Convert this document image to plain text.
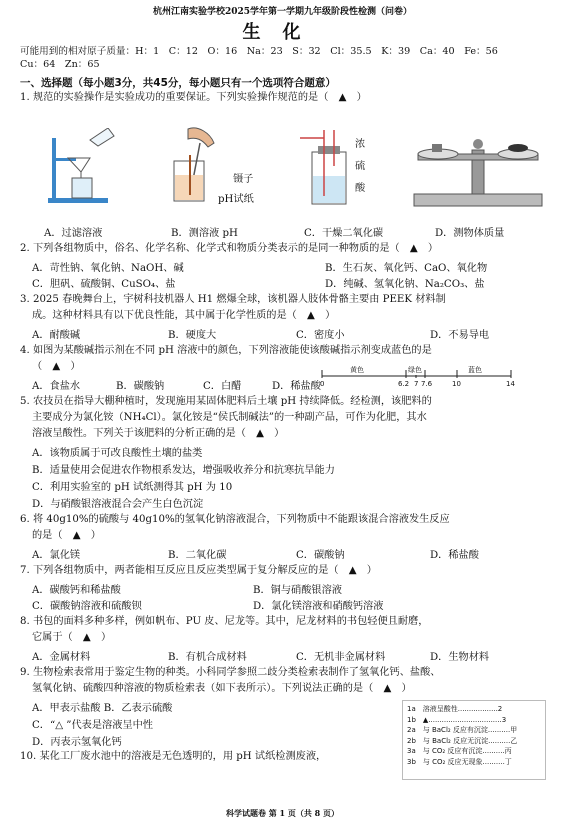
杭州江南实验学校2025学年第一学期九年级阶段性检测（问卷）
生化
可能用到的相对原子质量：H：1　C：12　O：16　Na：23　S：32　Cl：35.5　K：39　Ca：40　Fe：56
Cu：64　Zn：65
一、选择题（每小题3分，共45分，每小题只有一个选项符合题意）
1. 规范的实验操作是实验成功的重要保证。下列实验操作规范的是（　▲　）
镊子
pH试纸
浓
硫
酸
A．过滤溶液	B．测溶液 pH	C．干燥二氧化碳	D．测物体质量
2. 下列各组物质中，俗名、化学名称、化学式和物质分类表示的是同一种物质的是（　▲　）
A．苛性钠、氧化钠、NaOH、碱	B．生石灰、氧化钙、CaO、氧化物
C．胆矾、硫酸铜、CuSO₄、盐	D．纯碱、氢氧化钠、Na₂CO₃、盐
3. 2025 春晚舞台上，宇树科技机器人 H1 燃爆全球，该机器人肢体骨骼主要由 PEEK 材料制
成。这种材料具有以下优良性能，其中属于化学性质的是（　▲　）
A．耐酸碱	B．硬度大	C．密度小	D．不易导电
4. 如图为某酸碱指示剂在不同 pH 溶液中的颜色，下列溶液能使该酸碱指示剂变成蓝色的是
（　▲　）
A．食盐水	B．碳酸钠	C．白醋	D．稀盐酸
黄色	绿色	蓝色
0	6.2 7 7.6	10	14
5. 农技员在指导大棚种植时，发现施用某固体肥料后土壤 pH 持续降低。经检测，该肥料的
主要成分为氯化铵（NH₄Cl）。氯化铵是“侯氏制碱法”的一种副产品，可作为化肥，其水
溶液呈酸性。下列关于该肥料的分析正确的是（　▲　）
A．该物质属于可改良酸性土壤的盐类
B．适量使用会促进农作物根系发达，增强吸收养分和抗寒抗旱能力
C．利用实验室的 pH 试纸测得其 pH 为 10
D．与硝酸银溶液混合会产生白色沉淀
6. 将 40g10%的硫酸与 40g10%的氢氧化钠溶液混合，下列物质中不能跟该混合溶液发生反应
的是（　▲　）
A．氯化镁	B．二氧化碳	C．碳酸钠	D．稀盐酸
7. 下列各组物质中，两者能相互反应且反应类型属于复分解反应的是（　▲　）
A．碳酸钙和稀盐酸	B．铜与硝酸银溶液
C．碳酸钠溶液和硫酸钡	D．氯化镁溶液和硝酸钙溶液
8. 书包的面料多种多样，例如帆布、PU 皮、尼龙等。其中，尼龙材料的书包轻便且耐磨，
它属于（　▲　）
A．金属材料	B．有机合成材料	C．无机非金属材料	D．生物材料
9. 生物检索表常用于鉴定生物的种类。小科同学参照二歧分类检索表制作了氢氧化钙、盐酸、
氢氧化钠、硫酸四种溶液的物质检索表（如下表所示）。下列说法正确的是（　▲　）
A．甲表示盐酸 B．乙表示硫酸
C．“△ ”代表是溶液呈中性
D．丙表示氢氧化钙
1a　溶液呈酸性..................2
1b　▲.................................3
2a　与 BaCl₂ 反应有沉淀..........甲
2b　与 BaCl₂ 反应无沉淀..........乙
3a　与 CO₂ 反应有沉淀..........丙
3b　与 CO₂ 反应无现象..........丁
10. 某化工厂废水池中的溶液是无色透明的，用 pH 试纸检测废液，
科学试题卷 第 1 页（共 8 页）
